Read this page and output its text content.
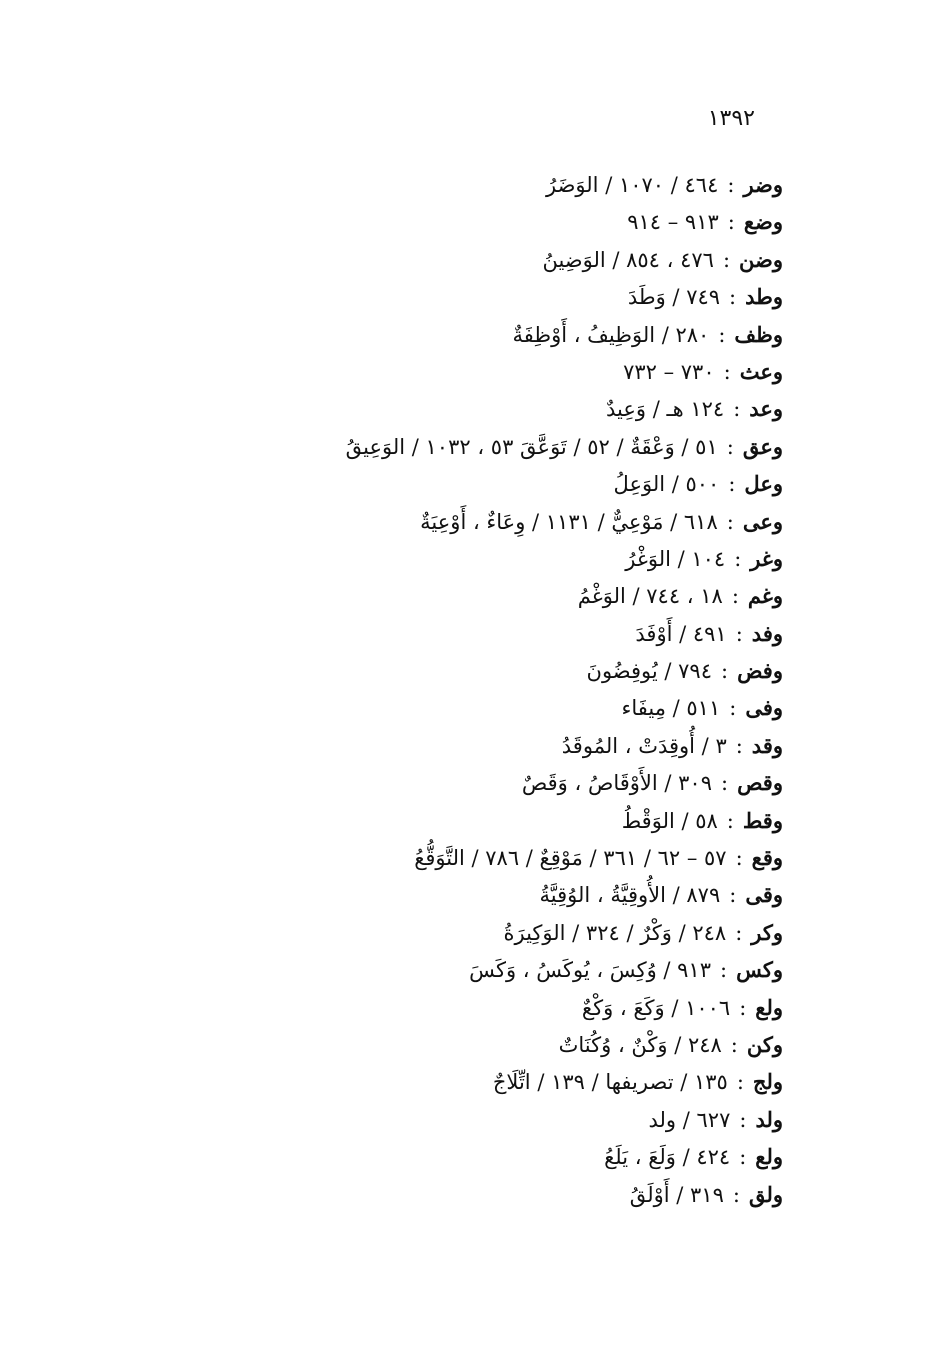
١٣٩٢
وضر:٤٦٤ / ١٠٧٠ / الوَضَرُ
وضع:٩١٣ – ٩١٤
وضن:٤٧٦ ، ٨٥٤ / الوَضِينُ
وطد:٧٤٩ / وَطَدَ
وظف:٢٨٠ / الوَظِيفُ ، أَوْظِفَةٌ
وعث:٧٣٠ – ٧٣٢
وعد:١٢٤ هـ / وَعِيدٌ
وعق:٥١ / وَعْقَةٌ / ٥٢ / تَوَعَّقَ ٥٣ ، ١٠٣٢ / الوَعِيقُ
وعل:٥٠٠ / الوَعِلُ
وعى:٦١٨ / مَوْعِيٌّ / ١١٣١ / وِعَاءٌ ، أَوْعِيَةٌ
وغر:١٠٤ / الوَغْرُ
وغم:١٨ ، ٧٤٤ / الوَغْمُ
وفد:٤٩١ / أَوْفَدَ
وفض:٧٩٤ / يُوفِضُونَ
وفى:٥١١ / مِيفَاء
وقد:٣ / أُوقِدَتْ ، المُوقَدُ
وقص:٣٠٩ / الأَوْقَاصُ ، وَقَصٌ
وقط:٥٨ / الوَقْطُ
وقع:٥٧ – ٦٢ / ٣٦١ / مَوْقِعٌ / ٧٨٦ / التَّوَقُّعُ
وقى:٨٧٩ / الأُوقِيَّةُ ، الوُقِيَّةُ
وكر:٢٤٨ / وَكْرٌ / ٣٢٤ / الوَكِيرَةُ
وكس:٩١٣ / وُكِسَ ، يُوكَسُ ، وَكَسَ
ولع:١٠٠٦ / وَكَعَ ، وَكْعٌ
وكن:٢٤٨ / وَكْنٌ ، وُكُنَاتٌ
ولج:١٣٥ / تصريفها / ١٣٩ / اتِّلَاجٌ
ولد:٦٢٧ / ولد
ولع:٤٢٤ / وَلَعَ ، يَلَعُ
ولق:٣١٩ / أَوْلَقُ
